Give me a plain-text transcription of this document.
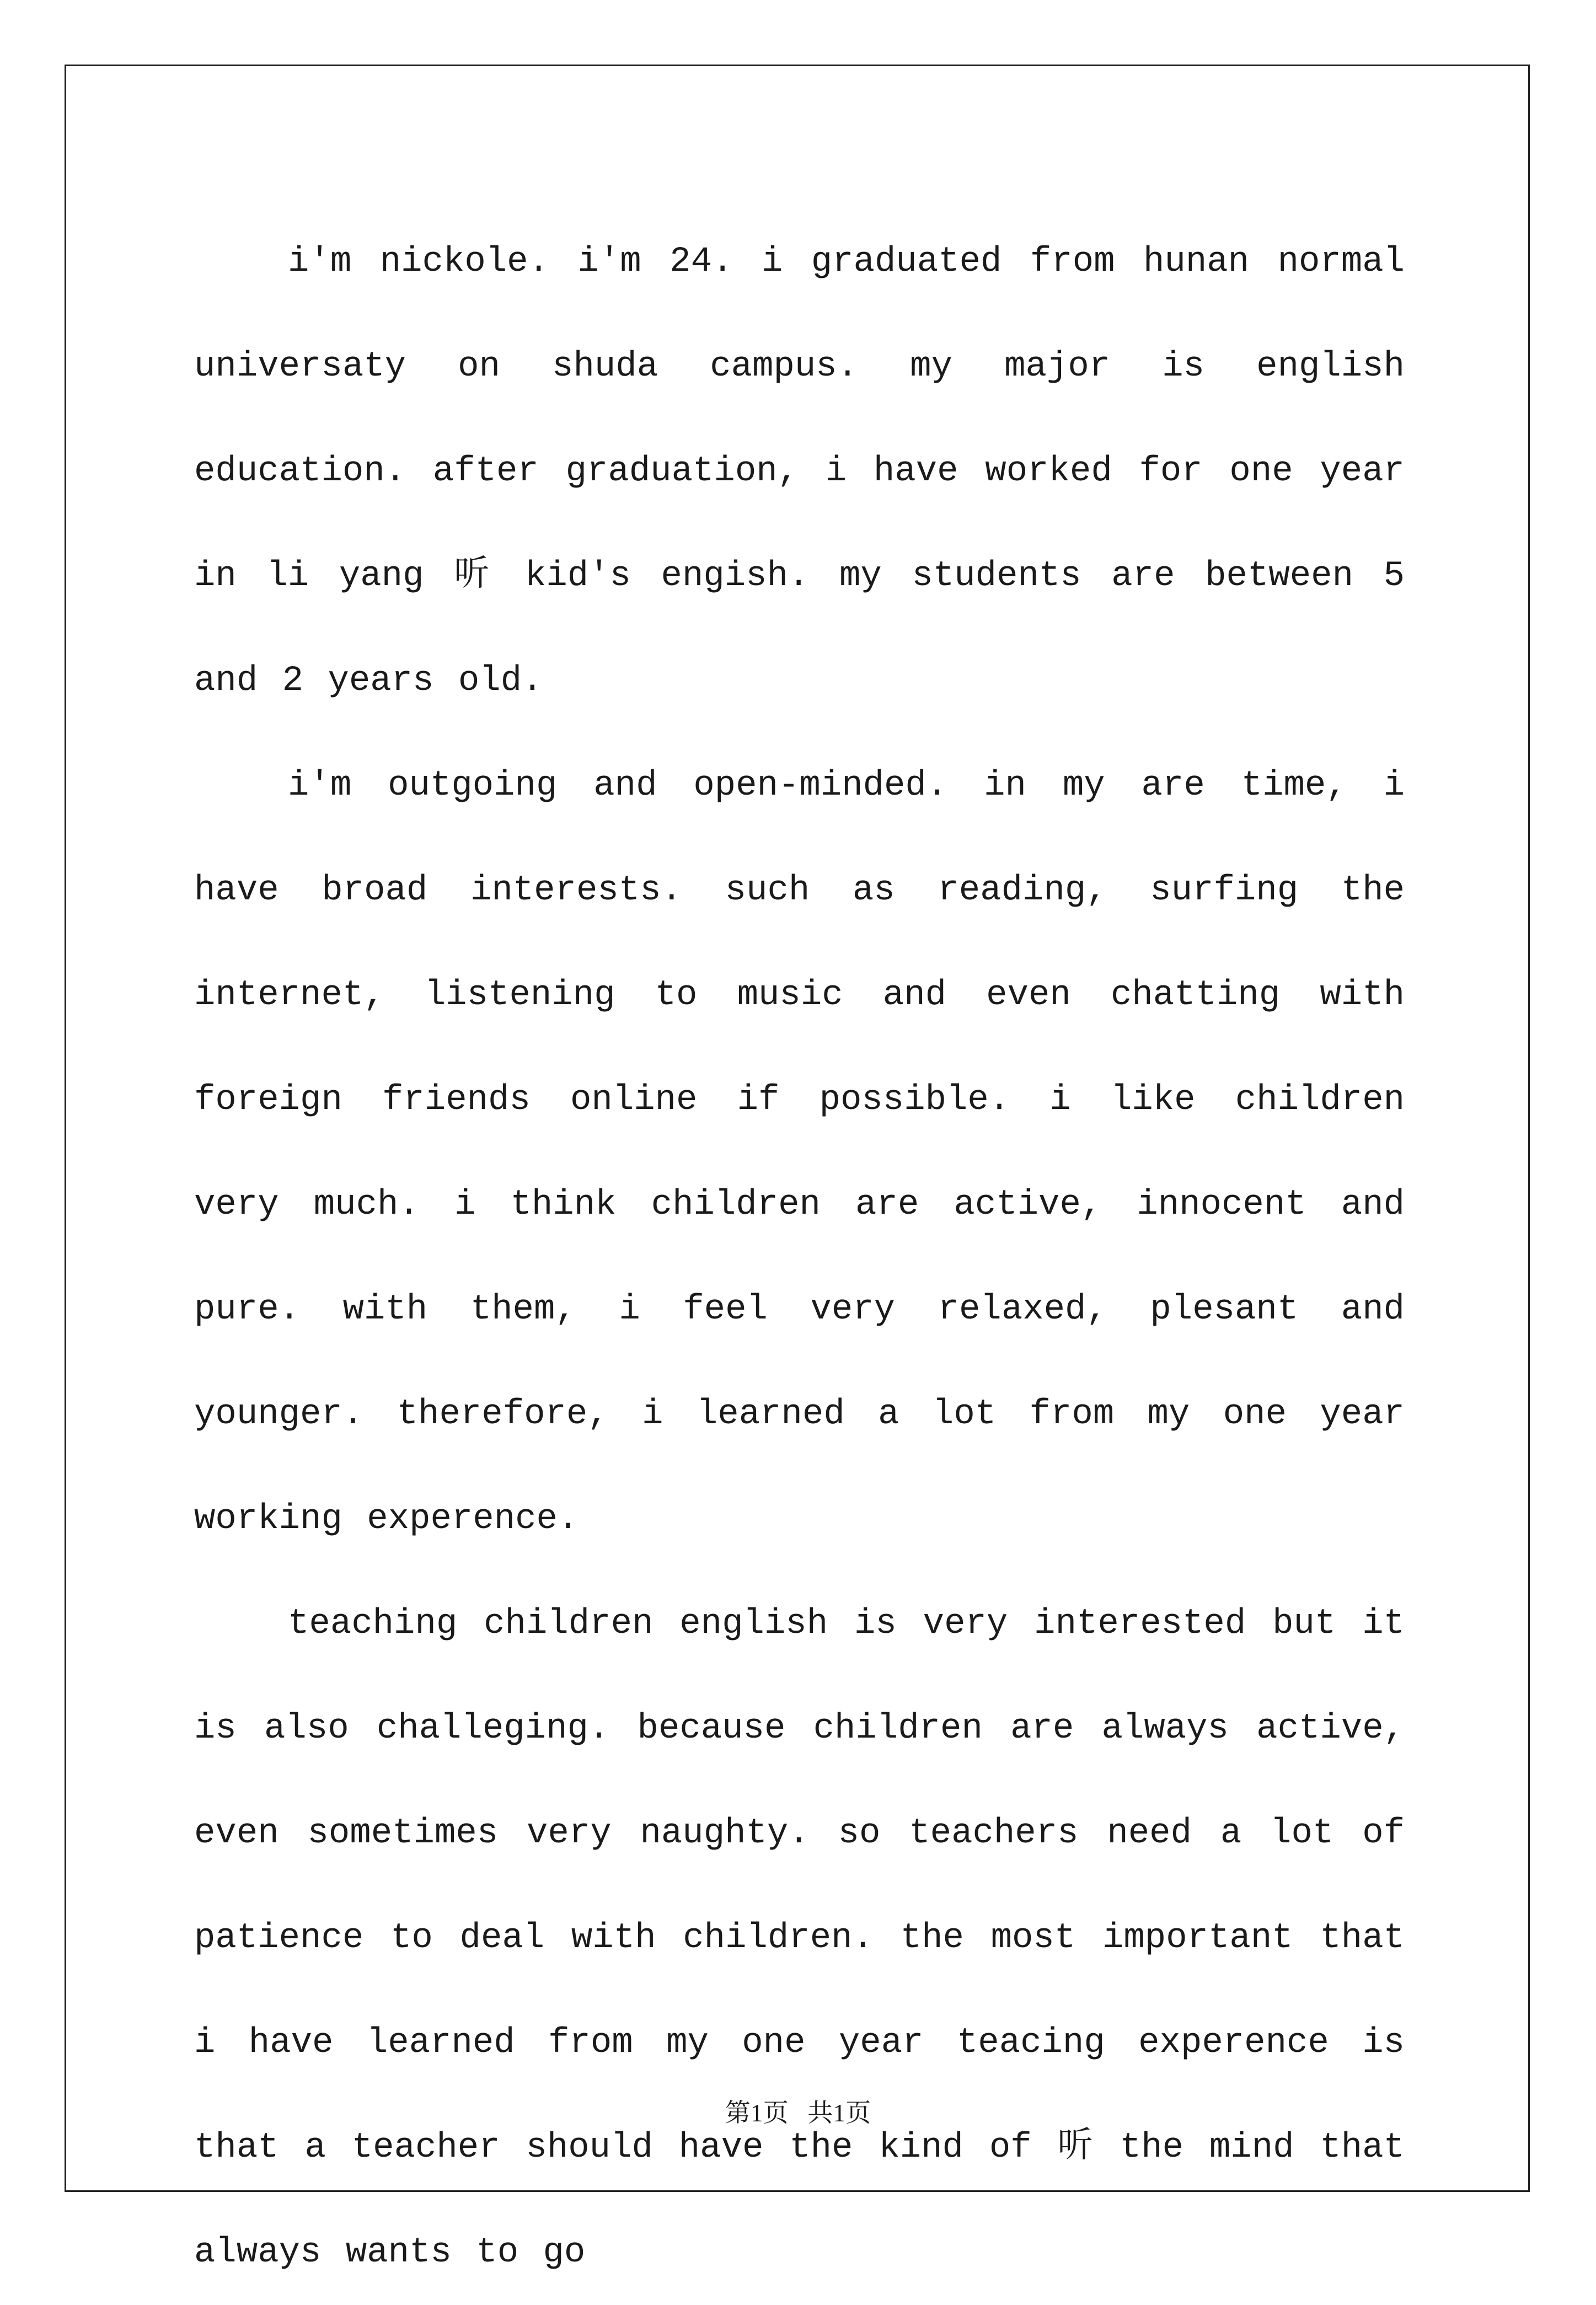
i'm nickole. i'm 24. i graduated from hunan normal universaty on shuda campus. my major is english education. after graduation, i have worked for one year in li yang 听 kid's engish. my students are between 5 and 2 years old.

i'm outgoing and open-minded. in my are time, i have broad interests. such as reading, surfing the internet, listening to music and even chatting with foreign friends online if possible. i like children very much. i think children are active, innocent and pure. with them, i feel very relaxed, plesant and younger. therefore, i learned a lot from my one year working experence.

teaching children english is very interested but it is also challeging. because children are always active, even sometimes very naughty. so teachers need a lot of patience to deal with children. the most important that i have learned from my one year teacing experence is that a teacher should have the kind of 听 the mind that always wants to go

第1页   共1页
